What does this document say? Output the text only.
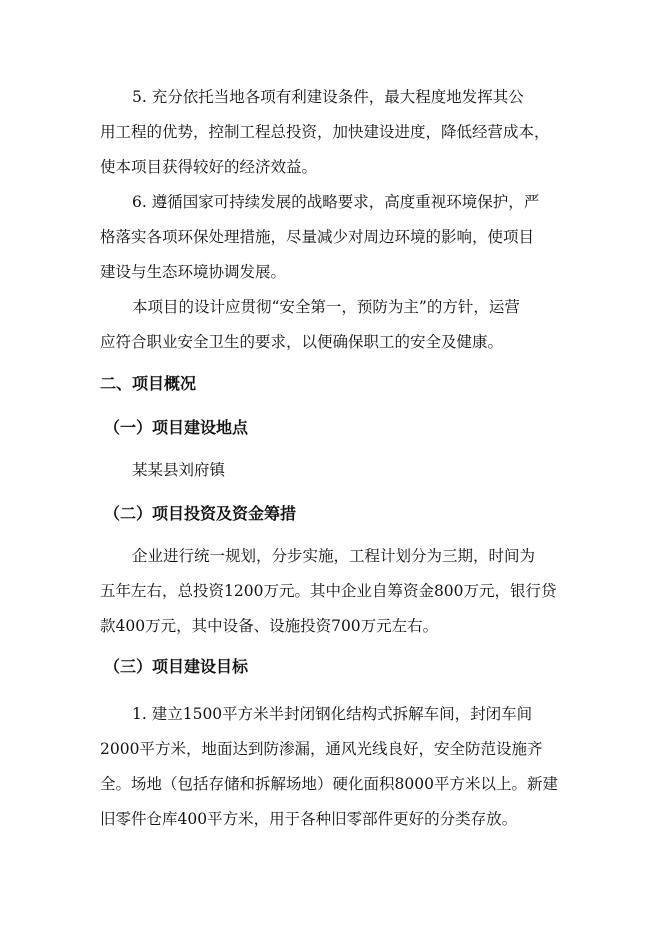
5. 充分依托当地各项有利建设条件，最大程度地发挥其公
用工程的优势，控制工程总投资，加快建设进度，降低经营成本，
使本项目获得较好的经济效益。

6. 遵循国家可持续发展的战略要求，高度重视环境保护，严
格落实各项环保处理措施，尽量减少对周边环境的影响，使项目
建设与生态环境协调发展。

本项目的设计应贯彻“安全第一，预防为主”的方针，运营
应符合职业安全卫生的要求，以便确保职工的安全及健康。

二、项目概况
（一）项目建设地点

某某县刘府镇

（二）项目投资及资金筹措

企业进行统一规划，分步实施，工程计划分为三期，时间为
五年左右，总投资1200万元。其中企业自筹资金800万元，银行贷
款400万元，其中设备、设施投资700万元左右。

（三）项目建设目标

1. 建立1500平方米半封闭钢化结构式拆解车间，封闭车间
2000平方米，地面达到防渗漏，通风光线良好，安全防范设施齐
全。场地（包括存储和拆解场地）硬化面积8000平方米以上。新建
旧零件仓库400平方米，用于各种旧零部件更好的分类存放。
